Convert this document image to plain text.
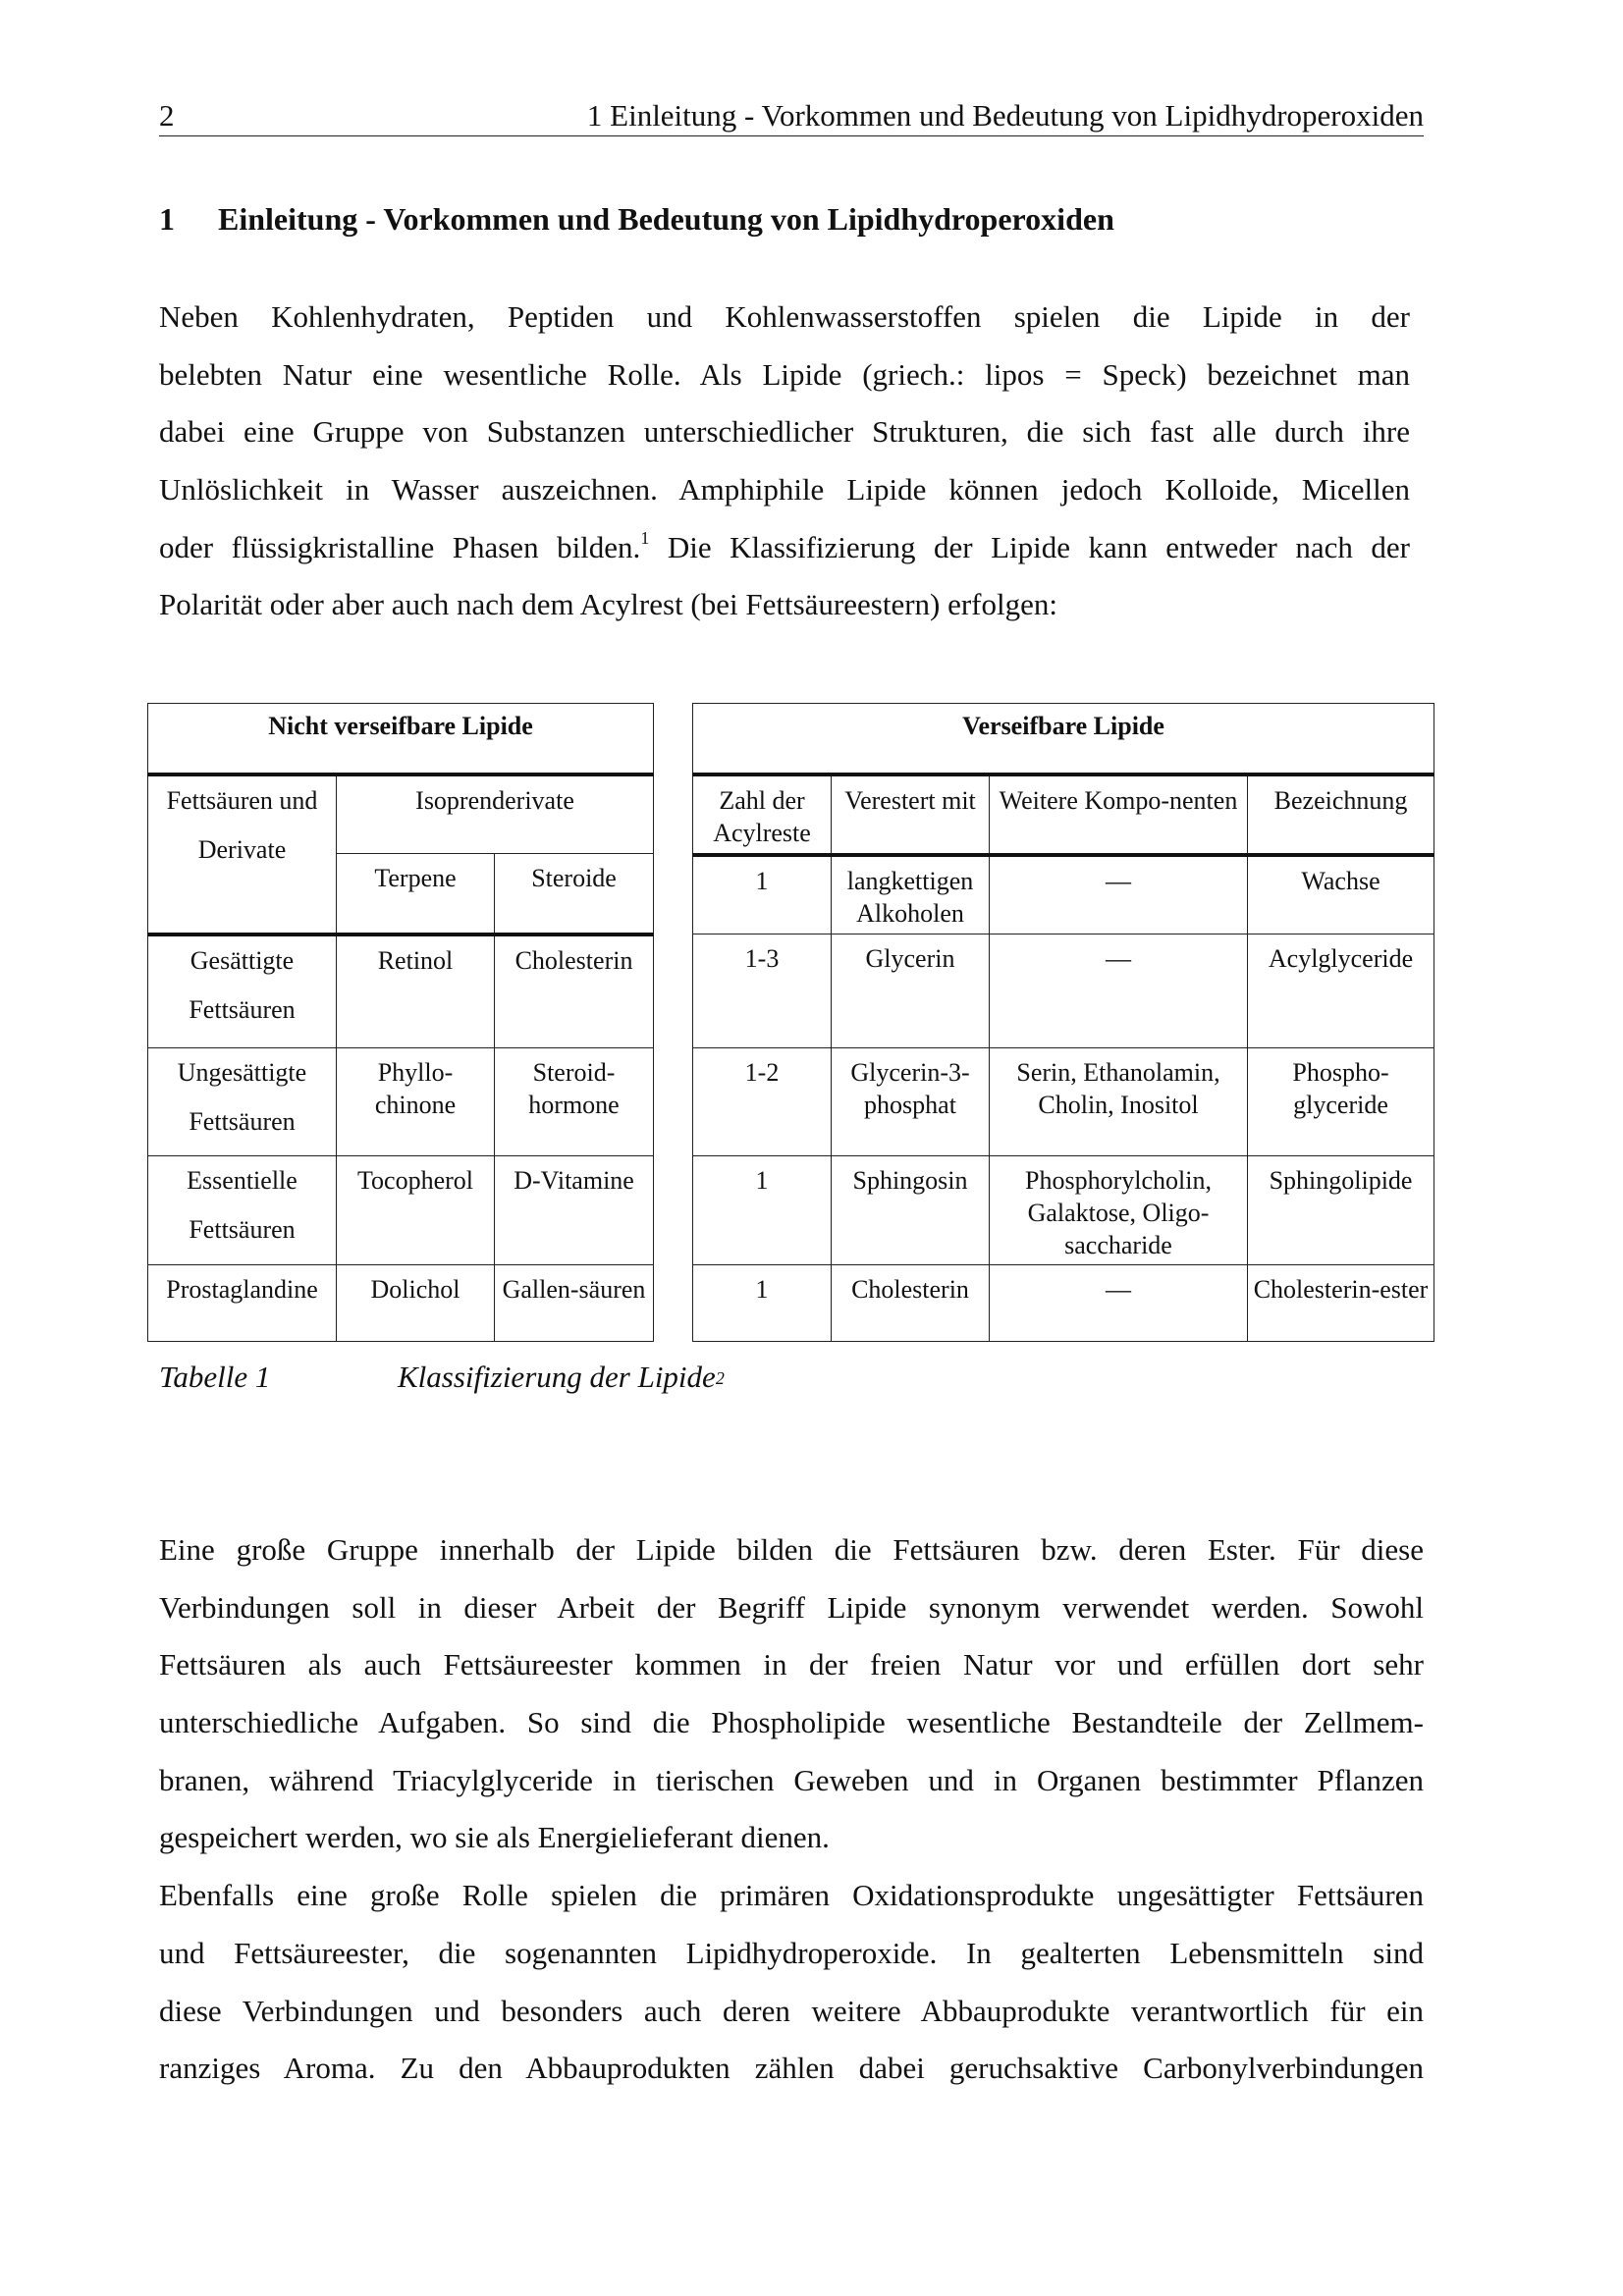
2	1 Einleitung - Vorkommen und Bedeutung von Lipidhydroperoxiden
1 Einleitung - Vorkommen und Bedeutung von Lipidhydroperoxiden
Neben Kohlenhydraten, Peptiden und Kohlenwasserstoffen spielen die Lipide in der
belebten Natur eine wesentliche Rolle. Als Lipide (griech.: lipos = Speck) bezeichnet man
dabei eine Gruppe von Substanzen unterschiedlicher Strukturen, die sich fast alle durch ihre
Unlöslichkeit in Wasser auszeichnen. Amphiphile Lipide können jedoch Kolloide, Micellen
oder flüssigkristalline Phasen bilden.$^1$ Die Klassifizierung der Lipide kann entweder nach der
Polarität oder aber auch nach dem Acylrest (bei Fettsäureestern) erfolgen:
Nicht verseifbare Lipide		
Fettsäuren und Derivate	Isoprenderivate	
	Terpene	Steroide
Gesättigte Fettsäuren	Retinol	Cholesterin
Ungesättigte Fettsäuren	Phyllo-chinone	Steroid-hormone
Essentielle Fettsäuren	Tocopherol	D-Vitamine
Prostaglandine	Dolichol	Gallen-säuren
Verseifbare Lipide			
Zahl der Acylreste	Verestert mit	Weitere Kompo-nenten	Bezeichnung
1	langkettigen Alkoholen	—	Wachse
1-3	Glycerin	—	Acylglyceride
1-2	Glycerin-3-phosphat	Serin, Ethanolamin, Cholin, Inositol	Phospho-glyceride
1	Sphingosin	Phosphorylcholin, Galaktose, Oligo-saccharide	Sphingolipide
1	Cholesterin	—	Cholesterin-ester
Tabelle 1	Klassifizierung der Lipide$^2$
Eine große Gruppe innerhalb der Lipide bilden die Fettsäuren bzw. deren Ester. Für diese
Verbindungen soll in dieser Arbeit der Begriff Lipide synonym verwendet werden. Sowohl
Fettsäuren als auch Fettsäureester kommen in der freien Natur vor und erfüllen dort sehr
unterschiedliche Aufgaben. So sind die Phospholipide wesentliche Bestandteile der Zellmem-
branen, während Triacylglyceride in tierischen Geweben und in Organen bestimmter Pflanzen
gespeichert werden, wo sie als Energielieferant dienen.
Ebenfalls eine große Rolle spielen die primären Oxidationsprodukte ungesättigter Fettsäuren
und Fettsäureester, die sogenannten Lipidhydroperoxide. In gealterten Lebensmitteln sind
diese Verbindungen und besonders auch deren weitere Abbauprodukte verantwortlich für ein
ranziges Aroma. Zu den Abbauprodukten zählen dabei geruchsaktive Carbonylverbindungen
